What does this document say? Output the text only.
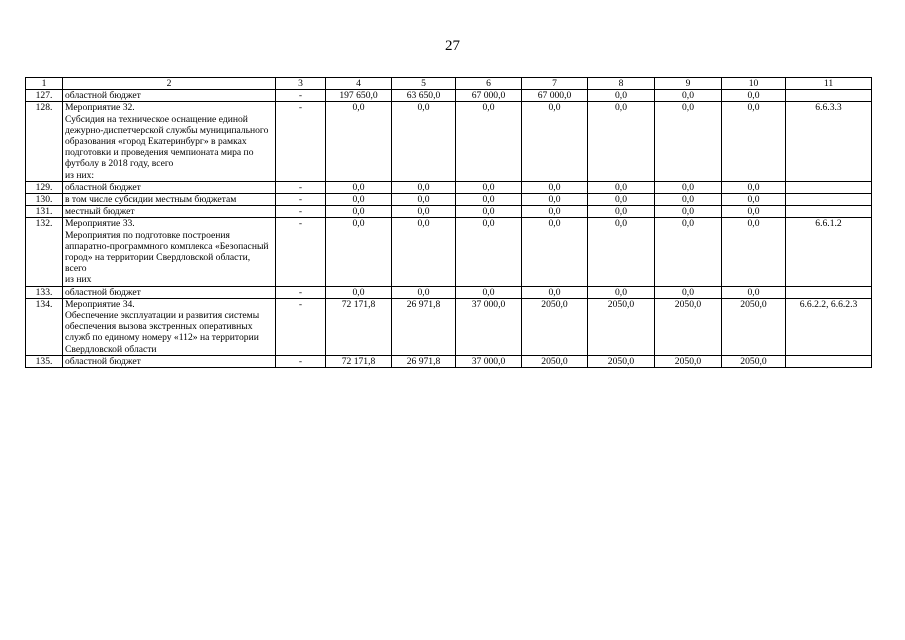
27
1	2	3	4	5	6	7	8	9	10	11
127.	областной бюджет	-	197 650,0	63 650,0	67 000,0	67 000,0	0,0	0,0	0,0	
128.	Мероприятие 32.
Субсидия на техническое оснащение единой дежурно-диспетчерской службы муниципального образования «город Екатеринбург» в рамках подготовки и проведения чемпионата мира по футболу в 2018 году, всего
из них:	-	0,0	0,0	0,0	0,0	0,0	0,0	0,0	6.6.3.3
129.	областной бюджет	-	0,0	0,0	0,0	0,0	0,0	0,0	0,0	
130.	в том числе субсидии местным бюджетам	-	0,0	0,0	0,0	0,0	0,0	0,0	0,0	
131.	местный бюджет	-	0,0	0,0	0,0	0,0	0,0	0,0	0,0	
132.	Мероприятие 33.
Мероприятия по подготовке построения аппаратно-программного комплекса «Безопасный город» на территории Свердловской области, всего
из них	-	0,0	0,0	0,0	0,0	0,0	0,0	0,0	6.6.1.2
133.	областной бюджет	-	0,0	0,0	0,0	0,0	0,0	0,0	0,0	
134.	Мероприятие 34.
Обеспечение эксплуатации и развития системы обеспечения вызова экстренных оперативных служб по единому номеру «112» на территории Свердловской области	-	72 171,8	26 971,8	37 000,0	2050,0	2050,0	2050,0	2050,0	6.6.2.2, 6.6.2.3
135.	областной бюджет	-	72 171,8	26 971,8	37 000,0	2050,0	2050,0	2050,0	2050,0	
